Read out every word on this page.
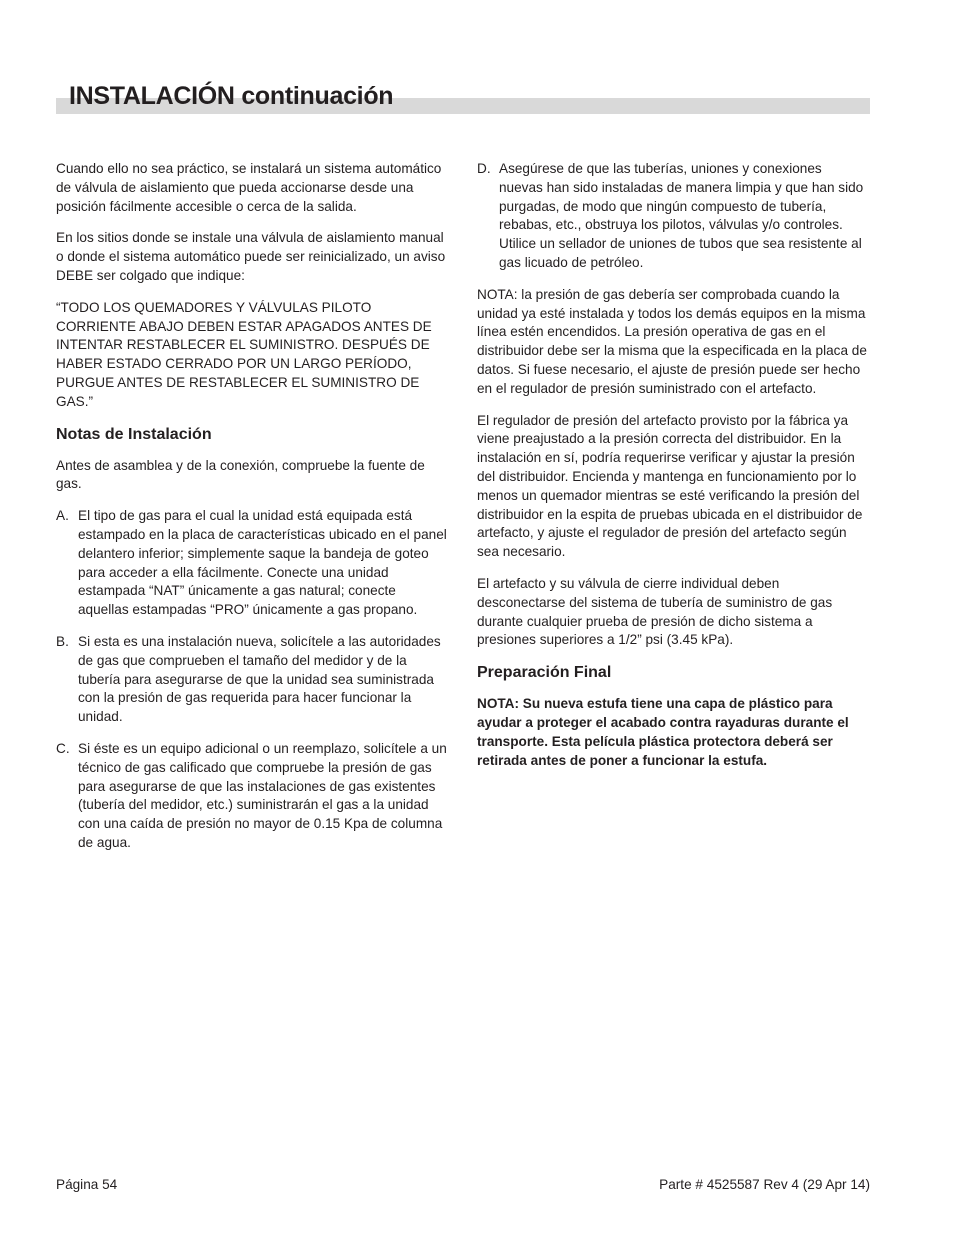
INSTALACIÓN continuación

Cuando ello no sea práctico, se instalará un sistema automático de válvula de aislamiento que pueda accionarse desde una posición fácilmente accesible o cerca de la salida.

En los sitios donde se instale una válvula de aislamiento manual o donde el sistema automático puede ser reinicializado, un aviso DEBE ser colgado que indique:

“TODO LOS QUEMADORES Y VÁLVULAS PILOTO CORRIENTE ABAJO DEBEN ESTAR APAGADOS ANTES DE INTENTAR RESTABLECER EL SUMINISTRO. DESPUÉS DE HABER ESTADO CERRADO POR UN LARGO PERÍODO, PURGUE ANTES DE RESTABLECER EL SUMINISTRO DE GAS.”

Notas de Instalación

Antes de asamblea y de la conexión, compruebe la fuente de gas.

A. El tipo de gas para el cual la unidad está equipada está estampado en la placa de características ubicado en el panel delantero inferior; simplemente saque la bandeja de goteo para acceder a ella fácilmente. Conecte una unidad estampada “NAT” únicamente a gas natural; conecte aquellas estampadas “PRO” únicamente a gas propano.
B. Si esta es una instalación nueva, solicítele a las autoridades de gas que comprueben el tamaño del medidor y de la tubería para asegurarse de que la unidad sea suministrada con la presión de gas requerida para hacer funcionar la unidad.
C. Si éste es un equipo adicional o un reemplazo, solicítele a un técnico de gas calificado que compruebe la presión de gas para asegurarse de que las instalaciones de gas existentes (tubería del medidor, etc.) suministrarán el gas a la unidad con una caída de presión no mayor de 0.15 Kpa de columna de agua.
D. Asegúrese de que las tuberías, uniones y conexiones nuevas han sido instaladas de manera limpia y que han sido purgadas, de modo que ningún compuesto de tubería, rebabas, etc., obstruya los pilotos, válvulas y/o controles. Utilice un sellador de uniones de tubos que sea resistente al gas licuado de petróleo.

NOTA: la presión de gas debería ser comprobada cuando la unidad ya esté instalada y todos los demás equipos en la misma línea estén encendidos. La presión operativa de gas en el distribuidor debe ser la misma que la especificada en la placa de datos. Si fuese necesario, el ajuste de presión puede ser hecho en el regulador de presión suministrado con el artefacto.

El regulador de presión del artefacto provisto por la fábrica ya viene preajustado a la presión correcta del distribuidor. En la instalación en sí, podría requerirse verificar y ajustar la presión del distribuidor. Encienda y mantenga en funcionamiento por lo menos un quemador mientras se esté verificando la presión del distribuidor en la espita de pruebas ubicada en el distribuidor de artefacto, y ajuste el regulador de presión del artefacto según sea necesario.

El artefacto y su válvula de cierre individual deben desconectarse del sistema de tubería de suministro de gas durante cualquier prueba de presión de dicho sistema a presiones superiores a 1/2” psi (3.45 kPa).

Preparación Final

NOTA: Su nueva estufa tiene una capa de plástico para ayudar a proteger el acabado contra rayaduras durante el transporte. Esta película plástica protectora deberá ser retirada antes de poner a funcionar la estufa.

Página 54	Parte # 4525587 Rev 4 (29 Apr 14)
